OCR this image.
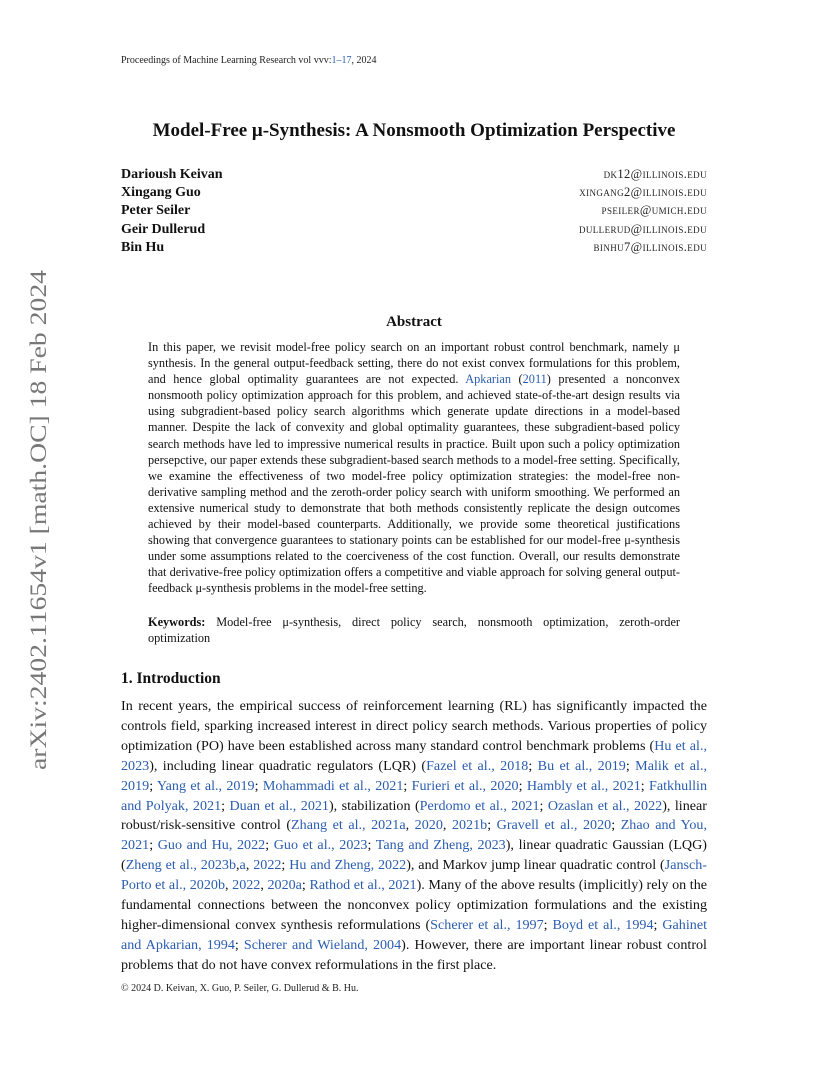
Proceedings of Machine Learning Research vol vvv:1–17, 2024
arXiv:2402.11654v1 [math.OC] 18 Feb 2024
Model-Free μ-Synthesis: A Nonsmooth Optimization Perspective
Darioush Keivan	dk12@illinois.edu
Xingang Guo	xingang2@illinois.edu
Peter Seiler	pseiler@umich.edu
Geir Dullerud	dullerud@illinois.edu
Bin Hu	binhu7@illinois.edu
Abstract

In this paper, we revisit model-free policy search on an important robust control benchmark, namely μ synthesis. In the general output-feedback setting, there do not exist convex formulations for this problem, and hence global optimality guarantees are not expected. Apkarian (2011) presented a nonconvex nonsmooth policy optimization approach for this problem, and achieved state-of-the-art design results via using subgradient-based policy search algorithms which generate update directions in a model-based manner. Despite the lack of convexity and global optimality guarantees, these subgradient-based policy search methods have led to impressive numerical results in practice. Built upon such a policy optimization persepctive, our paper extends these subgradient-based search methods to a model-free setting. Specifically, we examine the effectiveness of two model-free policy optimization strategies: the model-free non-derivative sampling method and the zeroth-order policy search with uniform smoothing. We performed an extensive numerical study to demonstrate that both methods consistently replicate the design outcomes achieved by their model-based counterparts. Additionally, we provide some theoretical justifications showing that convergence guarantees to stationary points can be established for our model-free μ-synthesis under some assumptions related to the coerciveness of the cost function. Overall, our results demonstrate that derivative-free policy optimization offers a competitive and viable approach for solving general output-feedback μ-synthesis problems in the model-free setting.

Keywords: Model-free μ-synthesis, direct policy search, nonsmooth optimization, zeroth-order optimization

1. Introduction

In recent years, the empirical success of reinforcement learning (RL) has significantly impacted the controls field, sparking increased interest in direct policy search methods. Various properties of policy optimization (PO) have been established across many standard control benchmark problems (Hu et al., 2023), including linear quadratic regulators (LQR) (Fazel et al., 2018; Bu et al., 2019; Malik et al., 2019; Yang et al., 2019; Mohammadi et al., 2021; Furieri et al., 2020; Hambly et al., 2021; Fatkhullin and Polyak, 2021; Duan et al., 2021), stabilization (Perdomo et al., 2021; Ozaslan et al., 2022), linear robust/risk-sensitive control (Zhang et al., 2021a, 2020, 2021b; Gravell et al., 2020; Zhao and You, 2021; Guo and Hu, 2022; Guo et al., 2023; Tang and Zheng, 2023), linear quadratic Gaussian (LQG) (Zheng et al., 2023b,a, 2022; Hu and Zheng, 2022), and Markov jump linear quadratic control (Jansch-Porto et al., 2020b, 2022, 2020a; Rathod et al., 2021). Many of the above results (implicitly) rely on the fundamental connections between the nonconvex policy optimization formulations and the existing higher-dimensional convex synthesis reformulations (Scherer et al., 1997; Boyd et al., 1994; Gahinet and Apkarian, 1994; Scherer and Wieland, 2004). However, there are important linear robust control problems that do not have convex reformulations in the first place.

© 2024 D. Keivan, X. Guo, P. Seiler, G. Dullerud & B. Hu.
